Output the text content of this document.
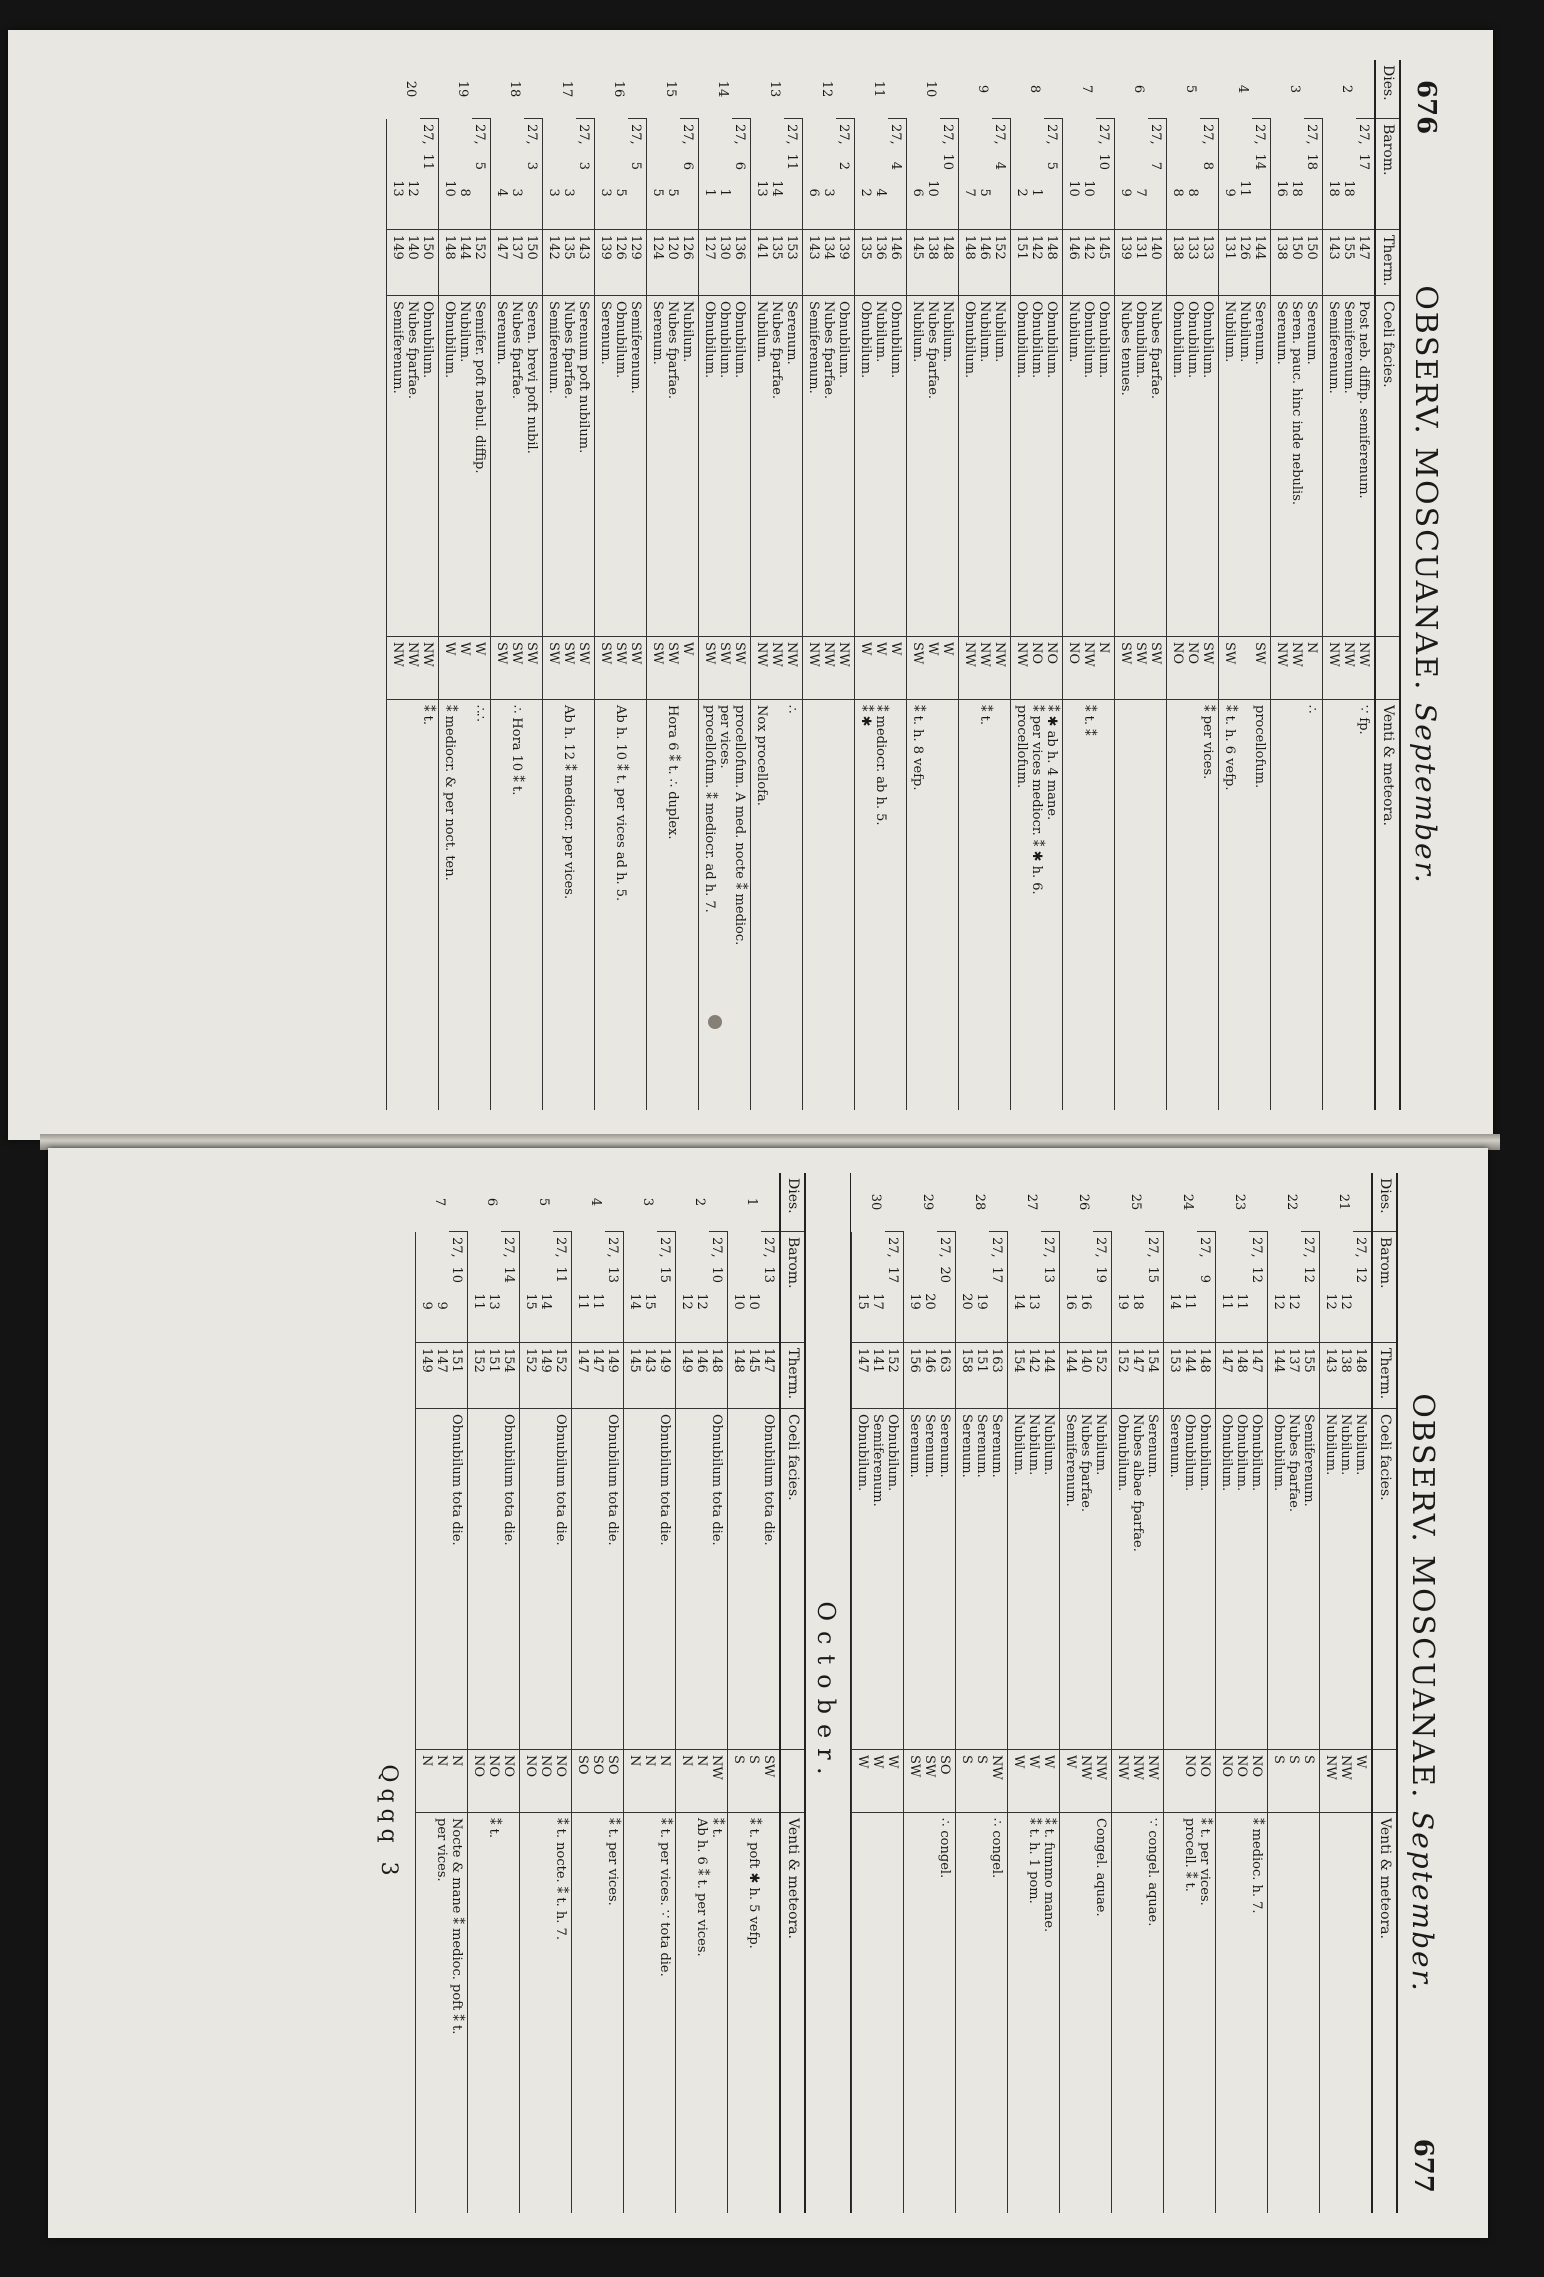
676
OBSERV. MOSCUANAE. September.
Dies.	Barom.	Therm.	Coeli facies.		Venti & meteora.
2	27,17	147	Post neb. diffip. semiferenum.	NW	∵ fp.
	18	155	Semiferenum.	NW	
	18	143	Semiferenum.	NW	
3	27,18	150	Serenum.	N	∴
	18	150	Seren. pauc. hinc inde nebulis.	NW	
	16	138	Serenum.	NW	
4	27,14	144	Serenum.	SW	procellofum.
	11	126	Nubilum.		
	9	131	Nubilum.	SW	⁑ t. h. 6 vefp.
5	27,8	133	Obnubilum.	SW	⁑ per vices.
	8	133	Obnubilum.	NO	
	8	138	Obnubilum.	NO	
6	27,7	140	Nubes fparfae.	SW	
	7	131	Obnubilum.	SW	
	9	139	Nubes tenues.	SW	
7	27,10	145	Obnubilum.	N	
	10	142	Obnubilum.	NW	⁑ t. ⁑
	10	146	Nubilum.	NO	
8	27,5	148	Obnubilum.	NO	⁑ ✱ ab h. 4 mane.
	1	142	Obnubilum.	NO	⁑ per vices mediocr. ⁑ ✱ h. 6.
	2	151	Obnubilum.	NW	procellofum.
9	27,4	152	Nubilum.	NW	
	5	146	Nubilum.	NW	⁑ t.
	7	148	Obnubilum.	NW	
10	27,10	148	Nubilum.	W	
	10	138	Nubes fparfae.	W	
	6	145	Nubilum.	SW	⁑ t. h. 8 vefp.
11	27,4	146	Obnubilum.	W	
	4	136	Nubilum.	W	⁑ mediocr. ab h. 5.
	2	135	Obnubilum.	W	⁑ ✱
12	27,2	139	Obnubilum.	NW	
	3	134	Nubes fparfae.	NW	
	6	143	Semiferenum.	NW	
13	27,11	153	Serenum.	NW	∴
	14	135	Nubes fparfae.	NW	
	13	141	Nubilum.	NW	Nox procellofa.
14	27,6	136	Obnubilum.	SW	procellofum. A med. nocte ⁑ medioc.
	1	130	Obnubilum.	SW	per vices.
	1	127	Obnubilum.	SW	procellofum. ⁑ mediocr. ad h. 7.
15	27,6	126	Nubilum.	W	
	5	120	Nubes fparfae.	SW	Hora 6 ⁑ t. ∴ duplex.
	5	124	Serenum.	SW	
16	27,5	129	Semiferenum.	SW	
	5	126	Obnubilum.	SW	Ab h. 10 ⁑ t. per vices ad h. 5.
	3	139	Serenum.	SW	
17	27,3	143	Serenum poft nubilum.	SW	
	3	135	Nubes fparfae.	SW	Ab h. 12 ⁑ mediocr. per vices.
	3	142	Semiferenum.	SW	
18	27,3	150	Seren. brevi poft nubil.	SW	
	3	137	Nubes fparfae.	SW	∴ Hora 10 ⁑ t.
	4	147	Serenum.	SW	
19	27,5	152	Semifer. poft nebul. diffip.	W	∴∴
	8	144	Nubilum.	W	
	10	148	Obnubilum.	W	⁑ mediocr. & per noct. ten.
20	27,11	150	Obnubilum.	NW	⁑ t.
	12	140	Nubes fparfae.	NW	
	13	149	Semiferenum.	NW	
677
OBSERV. MOSCUANAE. September.
Dies.	Barom.	Therm.	Coeli facies.		Venti & meteora.
21	27,12	148	Nubilum.	W	
	12	138	Nubilum.	NW	
	12	143	Nubilum.	NW	
22	27,12	155	Semiferenum.	S	
	12	137	Nubes fparfae.	S	
	12	144	Obnubilum.	S	
23	27,12	147	Obnubilum.	NO	⁑ medioc. h. 7.
	11	148	Obnubilum.	NO	
	11	147	Obnubilum.	NO	
24	27,9	148	Obnubilum.	NO	⁑ t. per vices.
	11	144	Obnubilum.	NO	procell. ⁑ t.
	14	153	Serenum.		
25	27,15	154	Serenum.	NW	∵ congel. aquae.
	18	147	Nubes albae fparfae.	NW	
	19	152	Obnubilum.	NW	
26	27,19	152	Nubilum.	NW	Congel. aquae.
	16	140	Nubes fparfae.	NW	
	16	144	Semiferenum.	W	
27	27,13	144	Nubilum.	W	⁑ t. fummo mane.
	13	142	Nubilum.	W	⁑ t. h. 1 pom.
	14	154	Nubilum.	W	
28	27,17	163	Serenum.	NW	∴ congel.
	19	151	Serenum.	S	
	20	158	Serenum.	S	
29	27,20	163	Serenum.	SO	∴ congel.
	20	146	Serenum.	SW	
	19	156	Serenum.	SW	
30	27,17	152	Obnubilum.	W	
	17	141	Semiferenum.	W	
	15	147	Obnubilum.	W	
October.
Dies.	Barom.	Therm.	Coeli facies.		Venti & meteora.
1	27,13	147	Obnubilum tota die.	SW	
	10	145		S	⁑ t. poft ✱ h. 5 vefp.
	10	148		S	
2	27,10	148	Obnubilum tota die.	NW	⁑ t.
	12	146		N	Ab h. 6 ⁑ t. per vices.
	12	149		N	
3	27,15	149	Obnubilum tota die.	N	⁑ t. per vices. ∵ tota die.
	15	143		N	
	14	145		N	
4	27,13	149	Obnubilum tota die.	SO	⁑ t. per vices.
	11	147		SO	
	11	147		SO	
5	27,11	152	Obnubilum tota die.	NO	⁑ t. nocte. ⁑ t. h. 7.
	14	149		NO	
	15	152		NO	
6	27,14	154	Obnubilum tota die.	NO	
	13	151		NO	⁑ t.
	11	152		NO	
7	27,10	151	Obnubilum tota die.	N	Nocte & mane ⁑ medioc. poft ⁑ t.
	9	147		N	per vices.
	9	149		N	
Qqqq 3
